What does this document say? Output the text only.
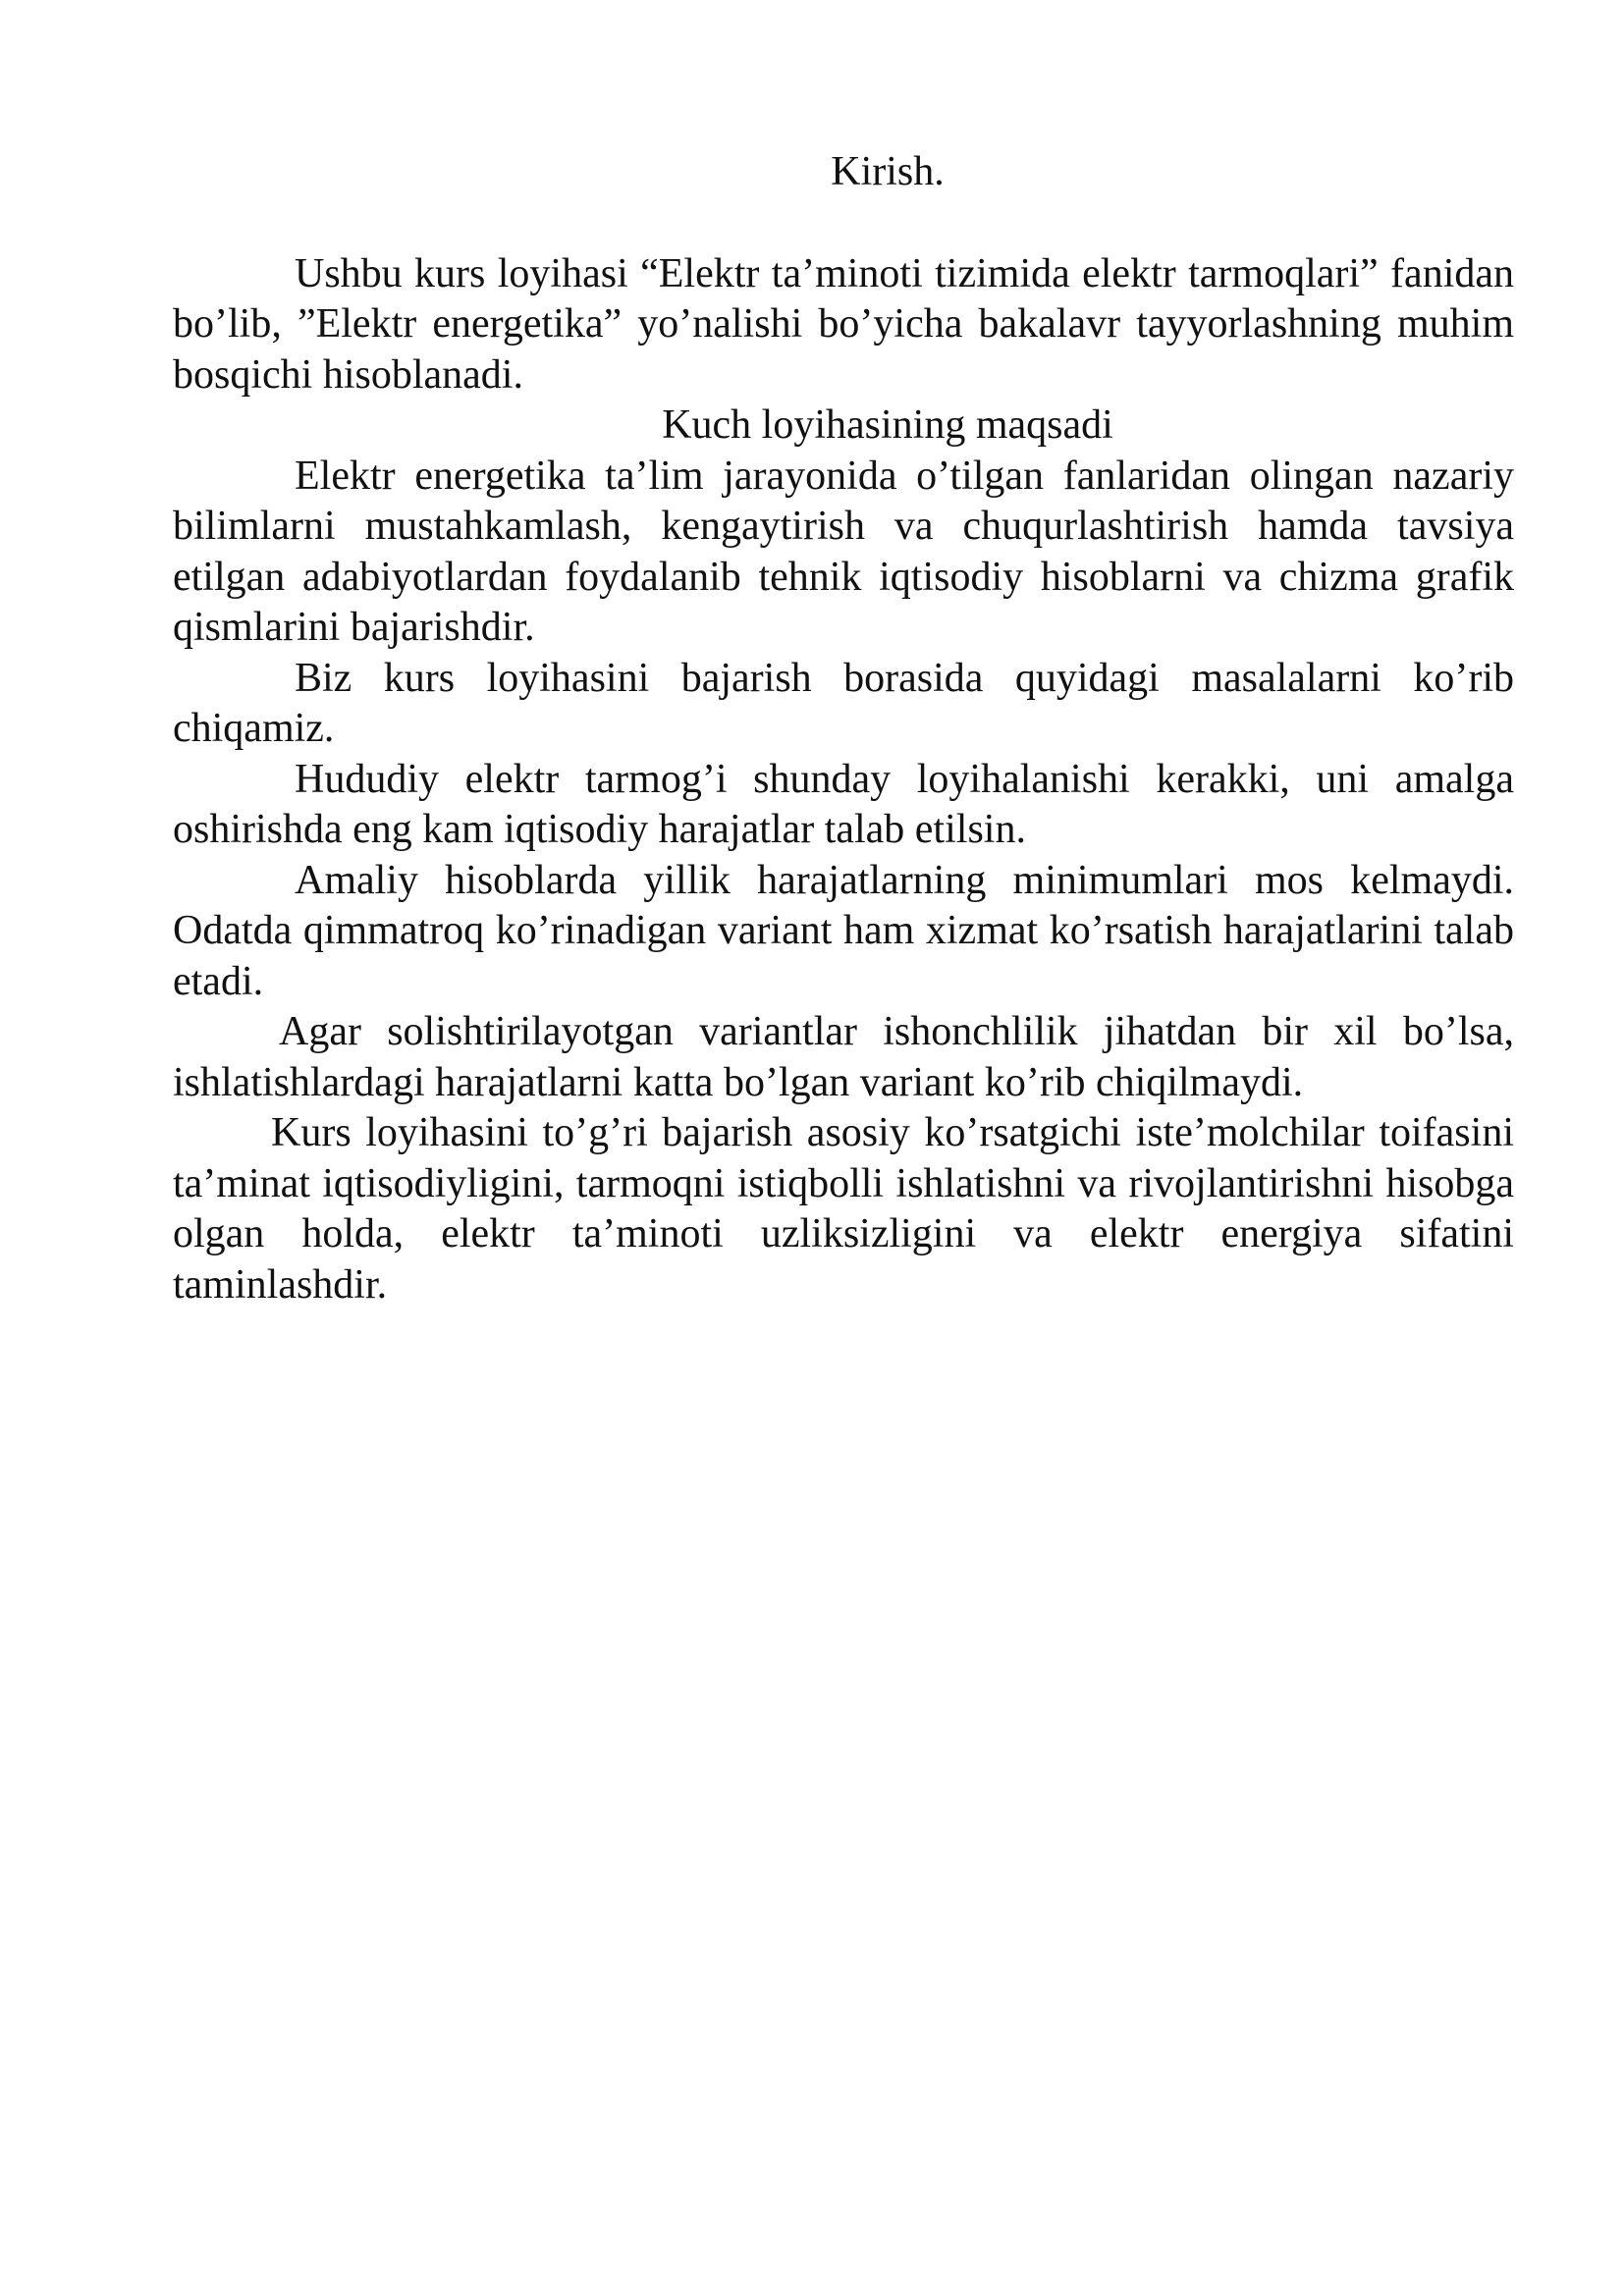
Kirish.

Ushbu kurs loyihasi “Elektr ta’minoti tizimida elektr tarmoqlari” fanidan bo’lib, ”Elektr energetika” yo’nalishi bo’yicha bakalavr tayyorlashning muhim bosqichi hisoblanadi.

Kuch loyihasining maqsadi

Elektr energetika ta’lim jarayonida o’tilgan fanlaridan olingan nazariy bilimlarni mustahkamlash, kengaytirish va chuqurlashtirish hamda tavsiya etilgan adabiyotlardan foydalanib tehnik iqtisodiy hisoblarni va chizma grafik qismlarini bajarishdir.

Biz kurs loyihasini bajarish borasida quyidagi masalalarni ko’rib chiqamiz.

Hududiy elektr tarmog’i shunday loyihalanishi kerakki, uni amalga oshirishda eng kam iqtisodiy harajatlar talab etilsin.

Amaliy hisoblarda yillik harajatlarning minimumlari mos kelmaydi. Odatda qimmatroq ko’rinadigan variant ham xizmat ko’rsatish harajatlarini talab etadi.

Agar solishtirilayotgan variantlar ishonchlilik jihatdan bir xil bo’lsa, ishlatishlardagi harajatlarni katta bo’lgan variant ko’rib chiqilmaydi.

Kurs loyihasini to’g’ri bajarish asosiy ko’rsatgichi iste’molchilar toifasini ta’minat iqtisodiyligini, tarmoqni istiqbolli ishlatishni va rivojlantirishni hisobga olgan holda, elektr ta’minoti uzliksizligini va elektr energiya sifatini taminlashdir.
